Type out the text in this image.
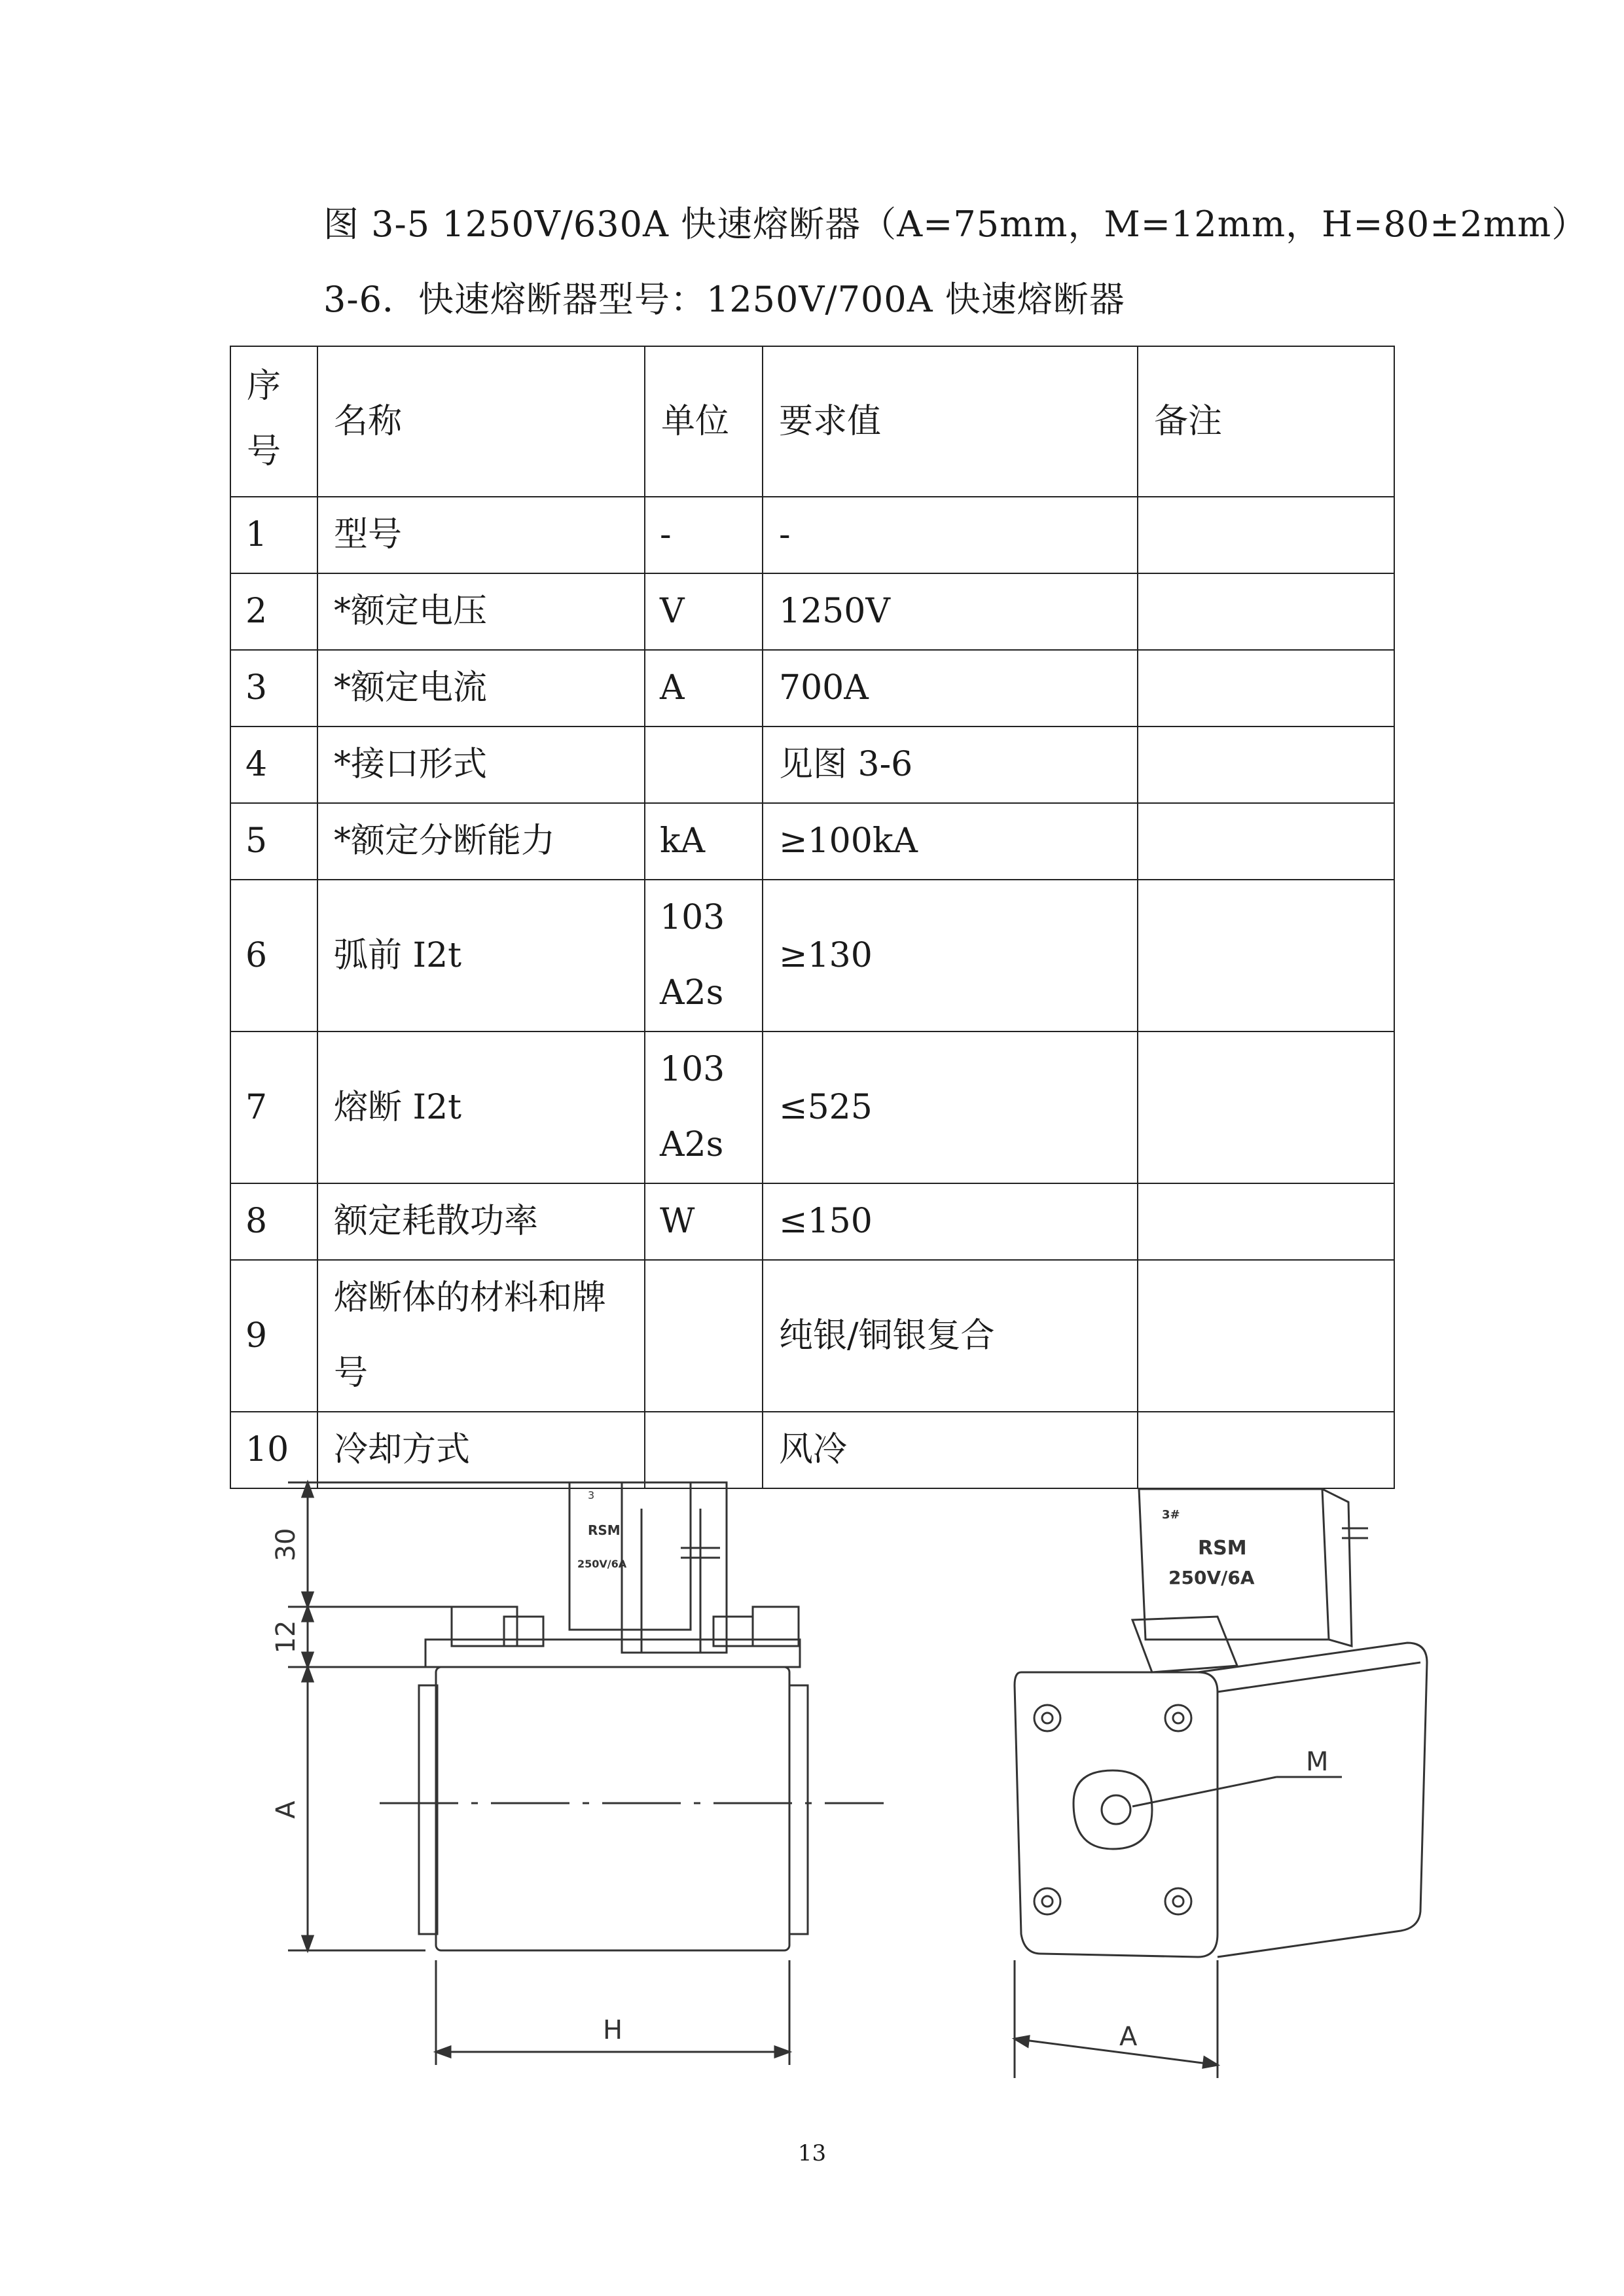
图 3-5 1250V/630A 快速熔断器（A=75mm，M=12mm，H=80±2mm）
3-6．快速熔断器型号：1250V/700A 快速熔断器
序号	名称	单位	要求值	备注
1	型号	-	-	
2	*额定电压	V	1250V	
3	*额定电流	A	700A	
4	*接口形式		见图 3-6	
5	*额定分断能力	kA	≥100kA	
6	弧前 I2t	103A2s	≥130	
7	熔断 I2t	103A2s	≤525	
8	额定耗散功率	W	≤150	
9	熔断体的材料和牌号		纯银/铜银复合	
10	冷却方式		风冷	
30
12
A
H
3
RSM
250V/6A
3#
RSM
250V/6A
M
A
13
